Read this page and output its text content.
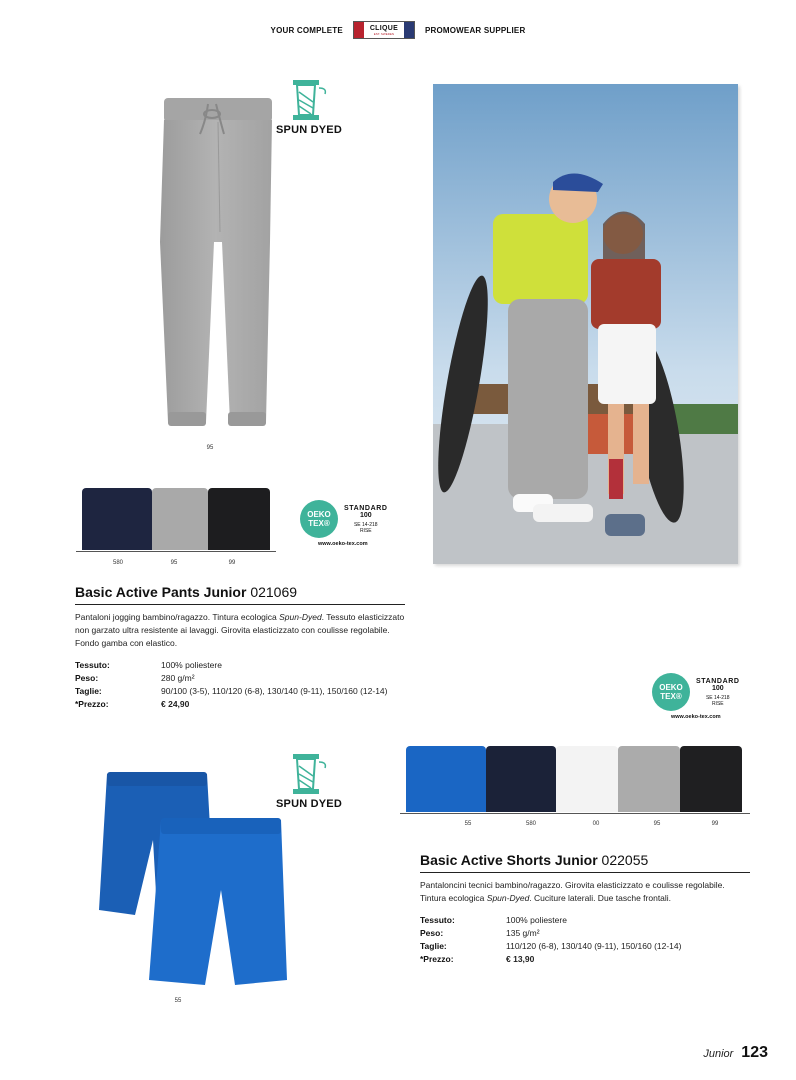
YOUR COMPLETE	CLIQUE
EST. SWEDEN	PROMOWEAR SUPPLIER
95
SPUN DYED
580	95	99
OEKO
TEX®
STANDARD
100
SE 14-218
RISE
www.oeko-tex.com
Basic Active Pants Junior 021069

Pantaloni jogging bambino/ragazzo. Tintura ecologica Spun-Dyed. Tessuto elasticizzato non garzato ultra resistente ai lavaggi. Girovita elasticizzato con coulisse regolabile. Fondo gamba con elastico.

Tessuto:	100% poliestere
Peso:	280 g/m²
Taglie:	90/100 (3-5), 110/120 (6-8), 130/140 (9-11), 150/160 (12-14)
*Prezzo:	€ 24,90
OEKO
TEX®
STANDARD
100
SE 14-218
RISE
www.oeko-tex.com
55
SPUN DYED
55	580	00	95	99
Basic Active Shorts Junior 022055

Pantaloncini tecnici bambino/ragazzo. Girovita elasticizzato e coulisse regolabile. Tintura ecologica Spun-Dyed. Cuciture laterali. Due tasche frontali.

Tessuto:	100% poliestere
Peso:	135 g/m²
Taglie:	110/120 (6-8), 130/140 (9-11), 150/160 (12-14)
*Prezzo:	€ 13,90
Junior 123
